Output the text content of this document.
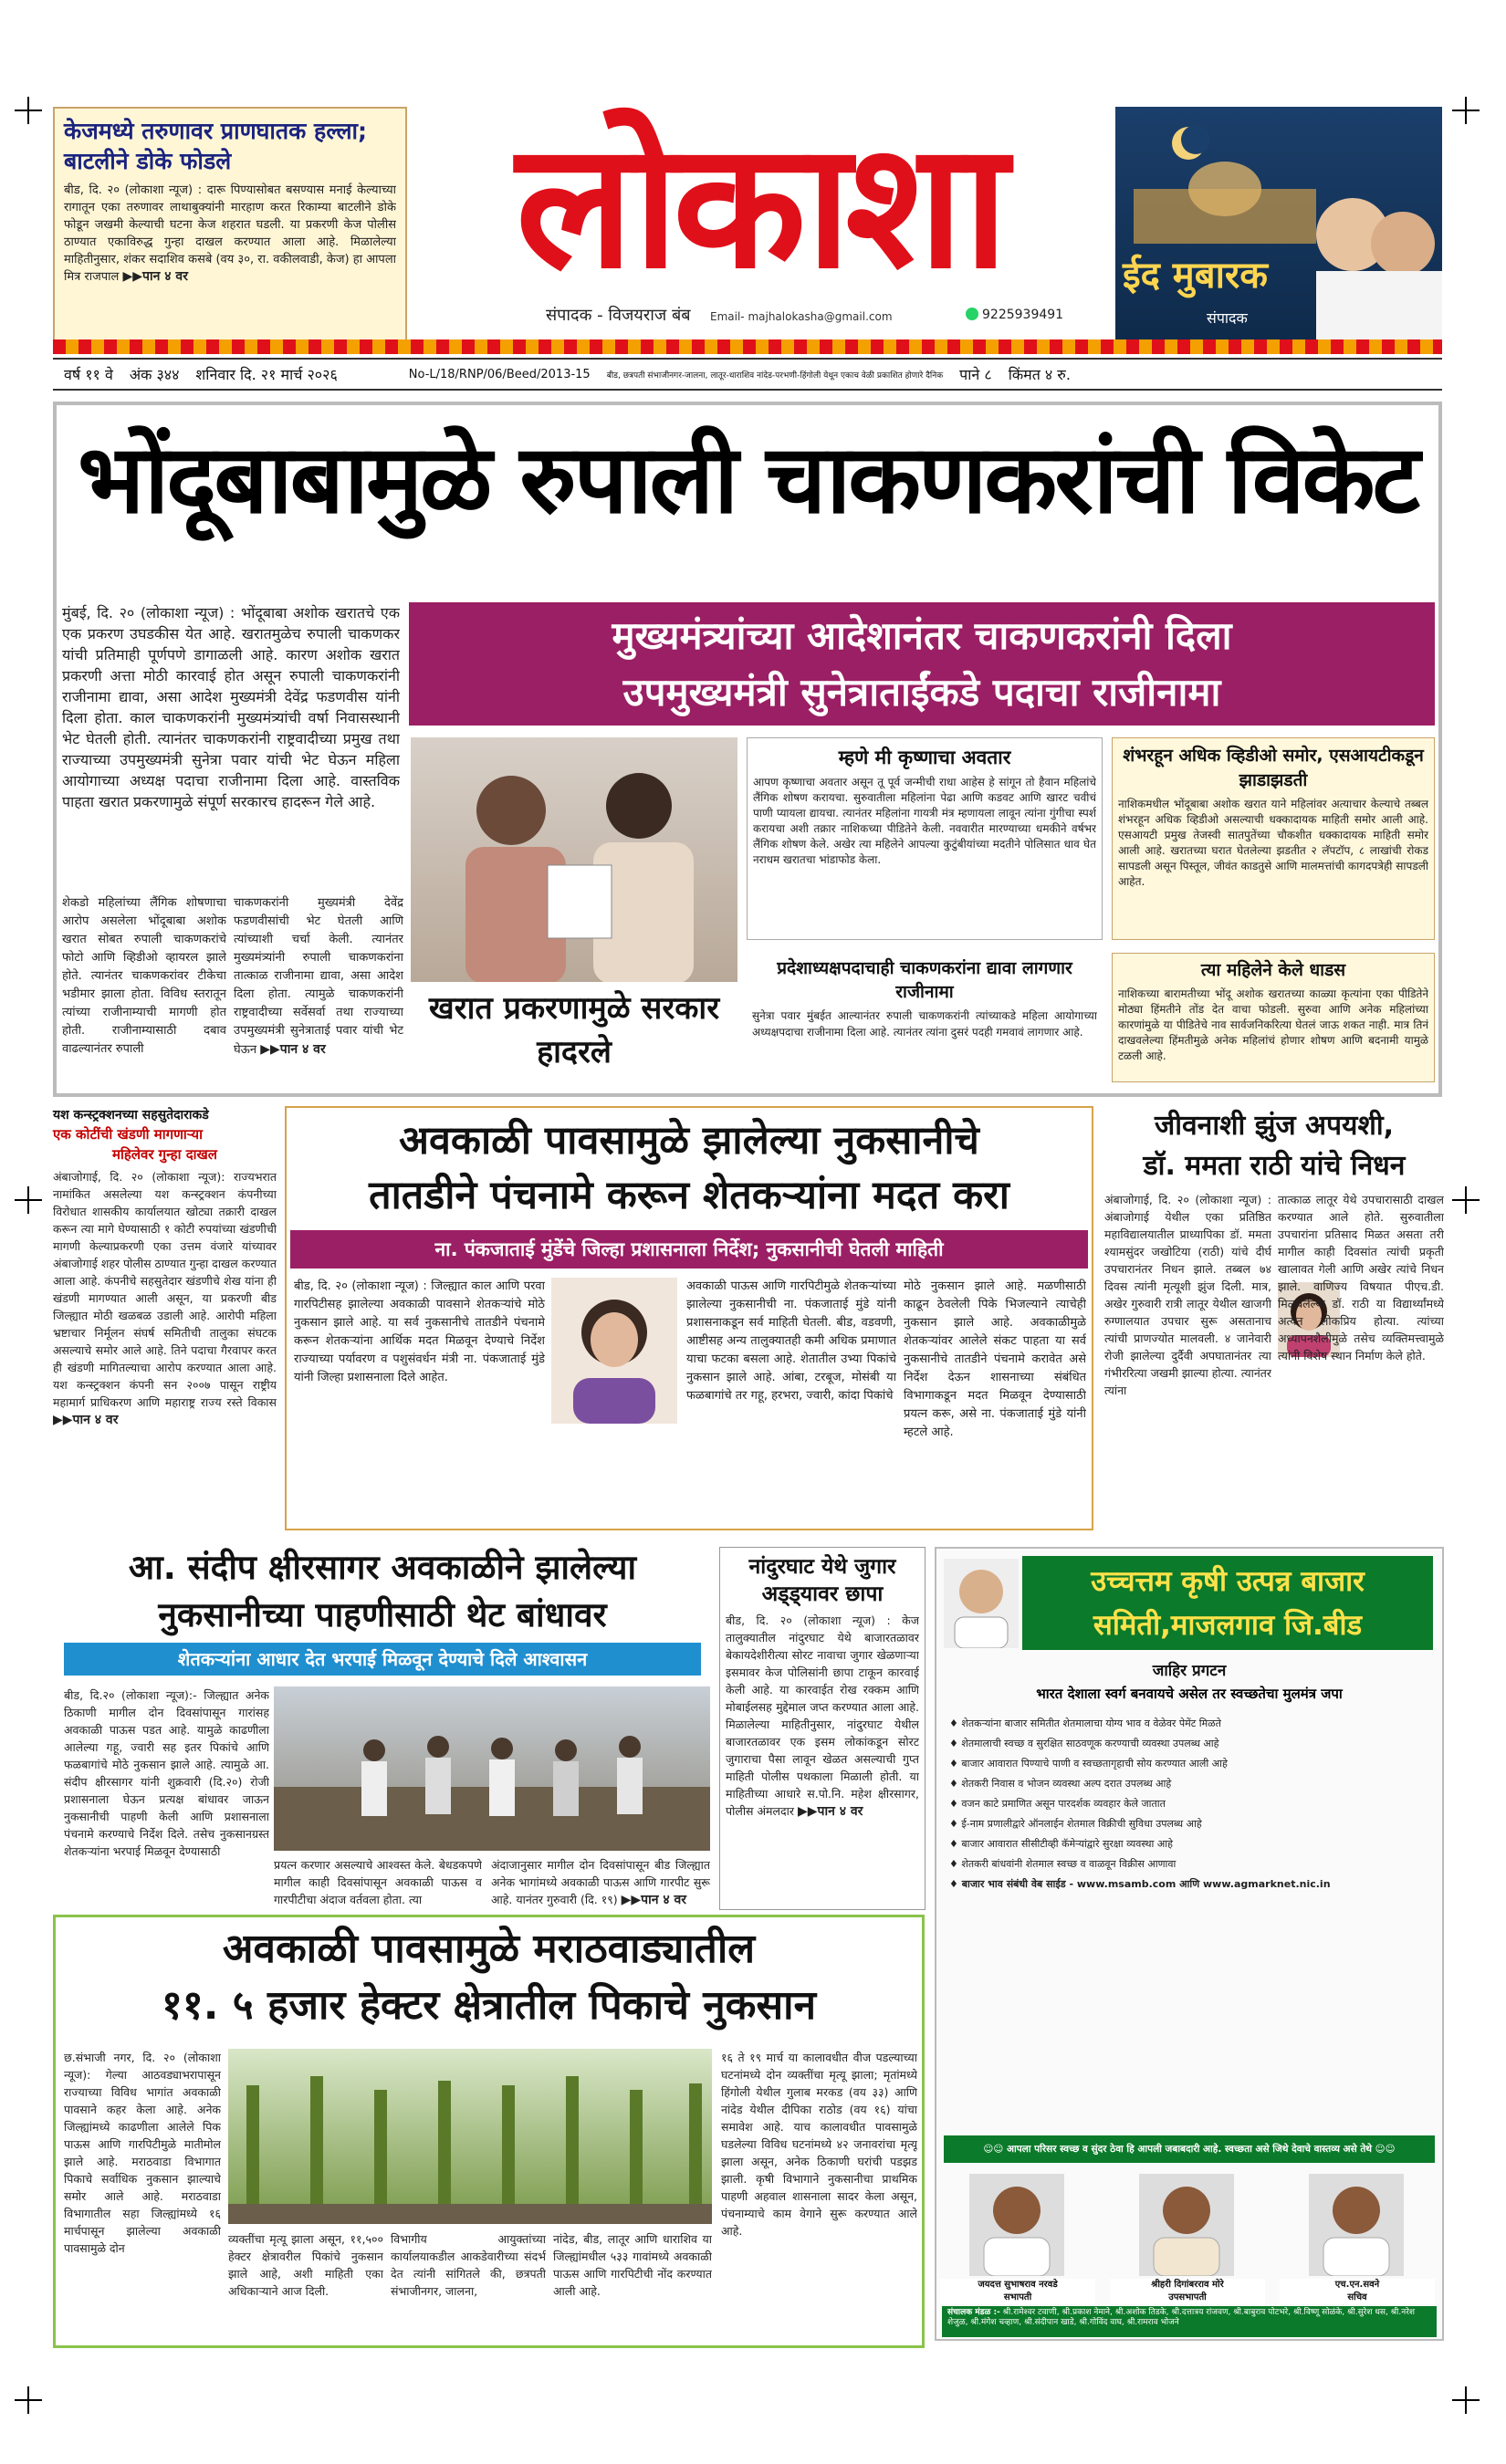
केजमध्ये तरुणावर प्राणघातक हल्ला; बाटलीने डोके फोडले
बीड, दि. २० (लोकाशा न्यूज) : दारू पिण्यासोबत बसण्यास मनाई केल्याच्या रागातून एका तरुणावर लाथाबुक्यांनी मारहाण करत रिकाम्या बाटलीने डोके फोडून जखमी केल्याची घटना केज शहरात घडली. या प्रकरणी केज पोलीस ठाण्यात एकाविरुद्ध गुन्हा दाखल करण्यात आला आहे. मिळालेल्या माहितीनुसार, शंकर सदाशिव कसबे (वय ३०, रा. वकीलवाडी, केज) हा आपला मित्र राजपाल ▶▶पान ४ वर	लोकाशा
संपादक - विजयराज बंब Email- majhalokasha@gmail.com	9225939491
ईद मुबारक
संपादक
वर्ष ११ वे अंक ३४४ शनिवार दि. २१ मार्च २०२६	No-L/18/RNP/06/Beed/2013-15 बीड, छत्रपती संभाजीनगर-जालना, लातूर-धाराशिव नांदेड-परभणी-हिंगोली येथून एकाच वेळी प्रकाशित होणारे दैनिक पाने ८ किंमत ४ रु.
भोंदूबाबामुळे रुपाली चाकणकरांची विकेट
मुंबई, दि. २० (लोकाशा न्यूज) : भोंदूबाबा अशोक खरातचे एक एक प्रकरण उघडकीस येत आहे. खरातमुळेच रुपाली चाकणकर यांची प्रतिमाही पूर्णपणे डागाळली आहे. कारण अशोक खरात प्रकरणी अत्ता मोठी कारवाई होत असून रुपाली चाकणकरांनी राजीनामा द्यावा, असा आदेश मुख्यमंत्री देवेंद्र फडणवीस यांनी दिला होता. काल चाकणकरांनी मुख्यमंत्र्यांची वर्षा निवासस्थानी भेट घेतली होती. त्यानंतर चाकणकरांनी राष्ट्रवादीच्या प्रमुख तथा राज्याच्या उपमुख्यमंत्री सुनेत्रा पवार यांची भेट घेऊन महिला आयोगाच्या अध्यक्ष पदाचा राजीनामा दिला आहे. वास्तविक पाहता खरात प्रकरणामुळे संपूर्ण सरकारच हादरून गेले आहे.
मुख्यमंत्र्यांच्या आदेशानंतर चाकणकरांनी दिला
उपमुख्यमंत्री सुनेत्राताईंकडे पदाचा राजीनामा
शेकडो महिलांच्या लैंगिक शोषणाचा आरोप असलेला भोंदूबाबा अशोक खरात सोबत रुपाली चाकणकरांचे फोटो आणि व्हिडीओ व्हायरल झाले होते. त्यानंतर चाकणकरांवर टीकेचा भडीमार झाला होता. विविध स्तरातून त्यांच्या राजीनाम्याची मागणी होत होती. राजीनाम्यासाठी दबाव वाढल्यानंतर रुपाली
चाकणकरांनी मुख्यमंत्री देवेंद्र फडणवीसांची भेट घेतली आणि त्यांच्याशी चर्चा केली. त्यानंतर मुख्यमंत्र्यांनी रुपाली चाकणकरांना तात्काळ राजीनामा द्यावा, असा आदेश दिला होता. त्यामुळे चाकणकरांनी राष्ट्रवादीच्या सर्वेसर्वा तथा राज्याच्या उपमुख्यमंत्री सुनेत्राताई पवार यांची भेट घेऊन ▶▶पान ४ वर
खरात प्रकरणामुळे सरकार हादरले
म्हणे मी कृष्णाचा अवतार
आपण कृष्णाचा अवतार असून तू पूर्व जन्मीची राधा आहेस हे सांगून तो हैवान महिलांचे लैंगिक शोषण करायचा. सुरुवातीला महिलांना पेढा आणि कडवट आणि खारट चवीचं पाणी प्यायला द्यायचा. त्यानंतर महिलांना गायत्री मंत्र म्हणायला लावून त्यांना गुंगीचा स्पर्श करायचा अशी तक्रार नाशिकच्या पीडितेने केली. नववारीत मारण्याच्या धमकीने वर्षभर लैंगिक शोषण केले. अखेर त्या महिलेने आपल्या कुटुंबीयांच्या मदतीने पोलिसात धाव घेत नराधम खरातचा भांडाफोड केला.
प्रदेशाध्यक्षपदाचाही चाकणकरांना द्यावा लागणार राजीनामा
सुनेत्रा पवार मुंबईत आल्यानंतर रुपाली चाकणकरांनी त्यांच्याकडे महिला आयोगाच्या अध्यक्षपदाचा राजीनामा दिला आहे. त्यानंतर त्यांना दुसरं पदही गमवावं लागणार आहे.
शंभरहून अधिक व्हिडीओ समोर, एसआयटीकडून झाडाझडती
नाशिकमधील भोंदूबाबा अशोक खरात याने महिलांवर अत्याचार केल्याचे तब्बल शंभरहून अधिक व्हिडीओ असल्याची धक्कादायक माहिती समोर आली आहे. एसआयटी प्रमुख तेजस्वी सातपुतेंच्या चौकशीत धक्कादायक माहिती समोर आली आहे. खरातच्या घरात घेतलेल्या झडतीत २ लॅपटॉप, ८ लाखांची रोकड सापडली असून पिस्तूल, जीवंत काडतुसे आणि मालमत्तांची कागदपत्रेही सापडली आहेत.
त्या महिलेने केले धाडस
नाशिकच्या बारामतीच्या भोंदू अशोक खरातच्या काळ्या कृत्यांना एका पीडितेने मोठ्या हिंमतीने तोंड देत वाचा फोडली. सुरुवा आणि अनेक महिलांच्या कारणांमुळे या पीडितेचे नाव सार्वजनिकरित्या घेतलं जाऊ शकत नाही. मात्र तिनं दाखवलेल्या हिंमतीमुळे अनेक महिलांचं होणार शोषण आणि बदनामी यामुळे टळली आहे.
यश कन्स्ट्रक्शनच्या सहसुतेदाराकडे
एक कोटींची खंडणी मागणाऱ्या
महिलेवर गुन्हा दाखल
अंबाजोगाई, दि. २० (लोकाशा न्यूज): राज्यभरात नामांकित असलेल्या यश कन्स्ट्रक्शन कंपनीच्या विरोधात शासकीय कार्यालयात खोट्या तक्रारी दाखल करून त्या मागे घेण्यासाठी १ कोटी रुपयांच्या खंडणीची मागणी केल्याप्रकरणी एका उत्तम वंजारे यांच्यावर अंबाजोगाई शहर पोलीस ठाण्यात गुन्हा दाखल करण्यात आला आहे. कंपनीचे सहसुतेदार खंडणीचे शेख यांना ही खंडणी मागण्यात आली असून, या प्रकरणी बीड जिल्ह्यात मोठी खळबळ उडाली आहे. आरोपी महिला भ्रष्टाचार निर्मूलन संघर्ष समितीची तालुका संघटक असल्याचे समोर आले आहे. तिने पदाचा गैरवापर करत ही खंडणी मागितल्याचा आरोप करण्यात आला आहे. यश कन्स्ट्रक्शन कंपनी सन २००७ पासून राष्ट्रीय महामार्ग प्राधिकरण आणि महाराष्ट्र राज्य रस्ते विकास ▶▶पान ४ वर
अवकाळी पावसामुळे झालेल्या नुकसानीचे
तातडीने पंचनामे करून शेतकऱ्यांना मदत करा
ना. पंकजाताई मुंडेंचे जिल्हा प्रशासनाला निर्देश; नुकसानीची घेतली माहिती
बीड, दि. २० (लोकाशा न्यूज) : जिल्ह्यात काल आणि परवा गारपिटीसह झालेल्या अवकाळी पावसाने शेतकऱ्यांचे मोठे नुकसान झाले आहे. या सर्व नुकसानीचे तातडीने पंचनामे करून शेतकऱ्यांना आर्थिक मदत मिळवून देण्याचे निर्देश राज्याच्या पर्यावरण व पशुसंवर्धन मंत्री ना. पंकजाताई मुंडे यांनी जिल्हा प्रशासनाला दिले आहेत.
अवकाळी पाऊस आणि गारपिटीमुळे शेतकऱ्यांच्या झालेल्या नुकसानीची ना. पंकजाताई मुंडे यांनी प्रशासनाकडून सर्व माहिती घेतली. बीड, वडवणी, आष्टीसह अन्य तालुक्यातही कमी अधिक प्रमाणात याचा फटका बसला आहे. शेतातील उभ्या पिकांचे नुकसान झाले आहे. आंबा, टरबूज, मोसंबी या फळबागांचे तर गहू, हरभरा, ज्वारी, कांदा पिकांचे
मोठे नुकसान झाले आहे. मळणीसाठी काढून ठेवलेली पिके भिजल्याने त्याचेही नुकसान झाले आहे. अवकाळीमुळे शेतकऱ्यांवर आलेले संकट पाहता या सर्व नुकसानीचे तातडीने पंचनामे करावेत असे निर्देश देऊन शासनाच्या संबंधित विभागाकडून मदत मिळवून देण्यासाठी प्रयत्न करू, असे ना. पंकजाताई मुंडे यांनी म्हटले आहे.
जीवनाशी झुंज अपयशी,
डॉ. ममता राठी यांचे निधन
अंबाजोगाई, दि. २० (लोकाशा न्यूज) : अंबाजोगाई येथील एका प्रतिष्ठित महाविद्यालयातील प्राध्यापिका डॉ. ममता श्यामसुंदर जखोटिया (राठी) यांचे दीर्घ उपचारानंतर निधन झाले. तब्बल ७४ दिवस त्यांनी मृत्यूशी झुंज दिली. मात्र, अखेर गुरुवारी रात्री लातूर येथील खाजगी रुग्णालयात उपचार सुरू असतानाच त्यांची प्राणज्योत मालवली. ४ जानेवारी रोजी झालेल्या दुर्दैवी अपघातानंतर त्या गंभीररित्या जखमी झाल्या होत्या. त्यानंतर त्यांना
तात्काळ लातूर येथे उपचारासाठी दाखल करण्यात आले होते. सुरुवातीला उपचारांना प्रतिसाद मिळत असता तरी मागील काही दिवसांत त्यांची प्रकृती खालावत गेली आणि अखेर त्यांचे निधन झाले. वाणिज्य विषयात पीएच.डी. मिळवलेल्या डॉ. राठी या विद्यार्थ्यांमध्ये अत्यंत लोकप्रिय होत्या. त्यांच्या अध्यापनशैलीमुळे तसेच व्यक्तिमत्त्वामुळे त्यांनी विशेष स्थान निर्माण केले होते.
आ. संदीप क्षीरसागर अवकाळीने झालेल्या
नुकसानीच्या पाहणीसाठी थेट बांधावर
शेतकऱ्यांना आधार देत भरपाई मिळवून देण्याचे दिले आश्वासन
बीड, दि.२० (लोकाशा न्यूज):- जिल्ह्यात अनेक ठिकाणी मागील दोन दिवसांपासून गारांसह अवकाळी पाऊस पडत आहे. यामुळे काढणीला आलेल्या गहू, ज्वारी सह इतर पिकांचे आणि फळबागांचे मोठे नुकसान झाले आहे. त्यामुळे आ. संदीप क्षीरसागर यांनी शुक्रवारी (दि.२०) रोजी प्रशासनाला घेऊन प्रत्यक्ष बांधावर जाऊन नुकसानीची पाहणी केली आणि प्रशासनाला पंचनामे करण्याचे निर्देश दिले. तसेच नुकसानग्रस्त शेतकऱ्यांना भरपाई मिळवून देण्यासाठी
प्रयत्न करणार असल्याचे आश्वस्त केले. बेधडकपणे मागील काही दिवसांपासून अवकाळी पाऊस व गारपीटीचा अंदाज वर्तवला होता. त्या
अंदाजानुसार मागील दोन दिवसांपासून बीड जिल्ह्यात अनेक भागांमध्ये अवकाळी पाऊस आणि गारपीट सुरू आहे. यानंतर गुरुवारी (दि. १९) ▶▶पान ४ वर
नांदुरघाट येथे जुगार
अड्ड्यावर छापा
बीड, दि. २० (लोकाशा न्यूज) : केज तालुक्यातील नांदुरघाट येथे बाजारतळावर बेकायदेशीरीत्या सोरट नावाचा जुगार खेळणाऱ्या इसमावर केज पोलिसांनी छापा टाकून कारवाई केली आहे. या कारवाईत रोख रक्कम आणि मोबाईलसह मुद्देमाल जप्त करण्यात आला आहे. मिळालेल्या माहितीनुसार, नांदुरघाट येथील बाजारतळावर एक इसम लोकांकडून सोरट जुगाराचा पैसा लावून खेळत असल्याची गुप्त माहिती पोलीस पथकाला मिळाली होती. या माहितीच्या आधारे स.पो.नि. महेश क्षीरसागर, पोलीस अंमलदार ▶▶पान ४ वर
उच्चत्तम कृषी उत्पन्न बाजार
समिती,माजलगाव जि.बीड
जाहिर प्रगटन
भारत देशाला स्वर्ग बनवायचे असेल तर स्वच्छतेचा मुलमंत्र जपा
♦ शेतकऱ्यांना बाजार समितीत शेतमालाचा योग्य भाव व वेळेवर पेमेंट मिळते
♦ शेतमालाची स्वच्छ व सुरक्षित साठवणूक करण्याची व्यवस्था उपलब्ध आहे
♦ बाजार आवारात पिण्याचे पाणी व स्वच्छतागृहाची सोय करण्यात आली आहे
♦ शेतकरी निवास व भोजन व्यवस्था अल्प दरात उपलब्ध आहे
♦ वजन काटे प्रमाणित असून पारदर्शक व्यवहार केले जातात
♦ ई-नाम प्रणालीद्वारे ऑनलाईन शेतमाल विक्रीची सुविधा उपलब्ध आहे
♦ बाजार आवारात सीसीटीव्ही कॅमेऱ्यांद्वारे सुरक्षा व्यवस्था आहे
♦ शेतकरी बांधवांनी शेतमाल स्वच्छ व वाळवून विक्रीस आणावा
♦ बाजार भाव संबंधी वेब साईड - www.msamb.com आणि www.agmarknet.nic.in
☺☺ आपला परिसर स्वच्छ व सुंदर ठेवा हि आपली जबाबदारी आहे. स्वच्छता असे जिथे देवाचे वास्तव्य असे तेथे ☺☺
जयदत्त सुभाषराव नरवडे
सभापती
श्रीहरी दिगांबरराव मोरे
उपसभापती
एच.एन.सवने
सचिव
संचालक मंडळ :- श्री.रामेश्वर टवाणी, श्री.प्रकाश नेमाने, श्री.अशोक तिडके, श्री.दत्तात्रय रांजवण, श्री.बाबुराव पोटभरे, श्री.विष्णू सोळंके, श्री.सुरेश धस, श्री.नरेश शेजुळ, श्री.मंगेश चव्हाण, श्री.संदीपान खाडे, श्री.गोविंद वाघ, श्री.रामराव भोजने
अवकाळी पावसामुळे मराठवाड्यातील
११. ५ हजार हेक्टर क्षेत्रातील पिकाचे नुकसान
छ.संभाजी नगर, दि. २० (लोकाशा न्यूज): गेल्या आठवड्याभरापासून राज्याच्या विविध भागांत अवकाळी पावसाने कहर केला आहे. अनेक जिल्ह्यांमध्ये काढणीला आलेले पिक पाऊस आणि गारपिटीमुळे मातीमोल झाले आहे. मराठवाडा विभागात पिकाचे सर्वाधिक नुकसान झाल्याचे समोर आले आहे. मराठवाडा विभागातील सहा जिल्ह्यांमध्ये १६ मार्चपासून झालेल्या अवकाळी पावसामुळे दोन
व्यक्तींचा मृत्यू झाला असून, ११,५०० हेक्टर क्षेत्रावरील पिकांचे नुकसान झाले आहे, अशी माहिती एका अधिकाऱ्याने आज दिली.
विभागीय आयुक्तांच्या कार्यालयाकडील आकडेवारीच्या संदर्भ देत त्यांनी सांगितले की, छत्रपती संभाजीनगर, जालना,
नांदेड, बीड, लातूर आणि धाराशिव या जिल्ह्यांमधील ५३३ गावांमध्ये अवकाळी पाऊस आणि गारपिटीची नोंद करण्यात आली आहे.
१६ ते १९ मार्च या कालावधीत वीज पडल्याच्या घटनांमध्ये दोन व्यक्तींचा मृत्यू झाला; मृतांमध्ये हिंगोली येथील गुलाब मरकड (वय ३३) आणि नांदेड येथील दीपिका राठोड (वय १६) यांचा समावेश आहे. याच कालावधीत पावसामुळे घडलेल्या विविध घटनांमध्ये ४२ जनावरांचा मृत्यू झाला असून, अनेक ठिकाणी घरांची पडझड झाली. कृषी विभागाने नुकसानीचा प्राथमिक पाहणी अहवाल शासनाला सादर केला असून, पंचनाम्याचे काम वेगाने सुरू करण्यात आले आहे.
